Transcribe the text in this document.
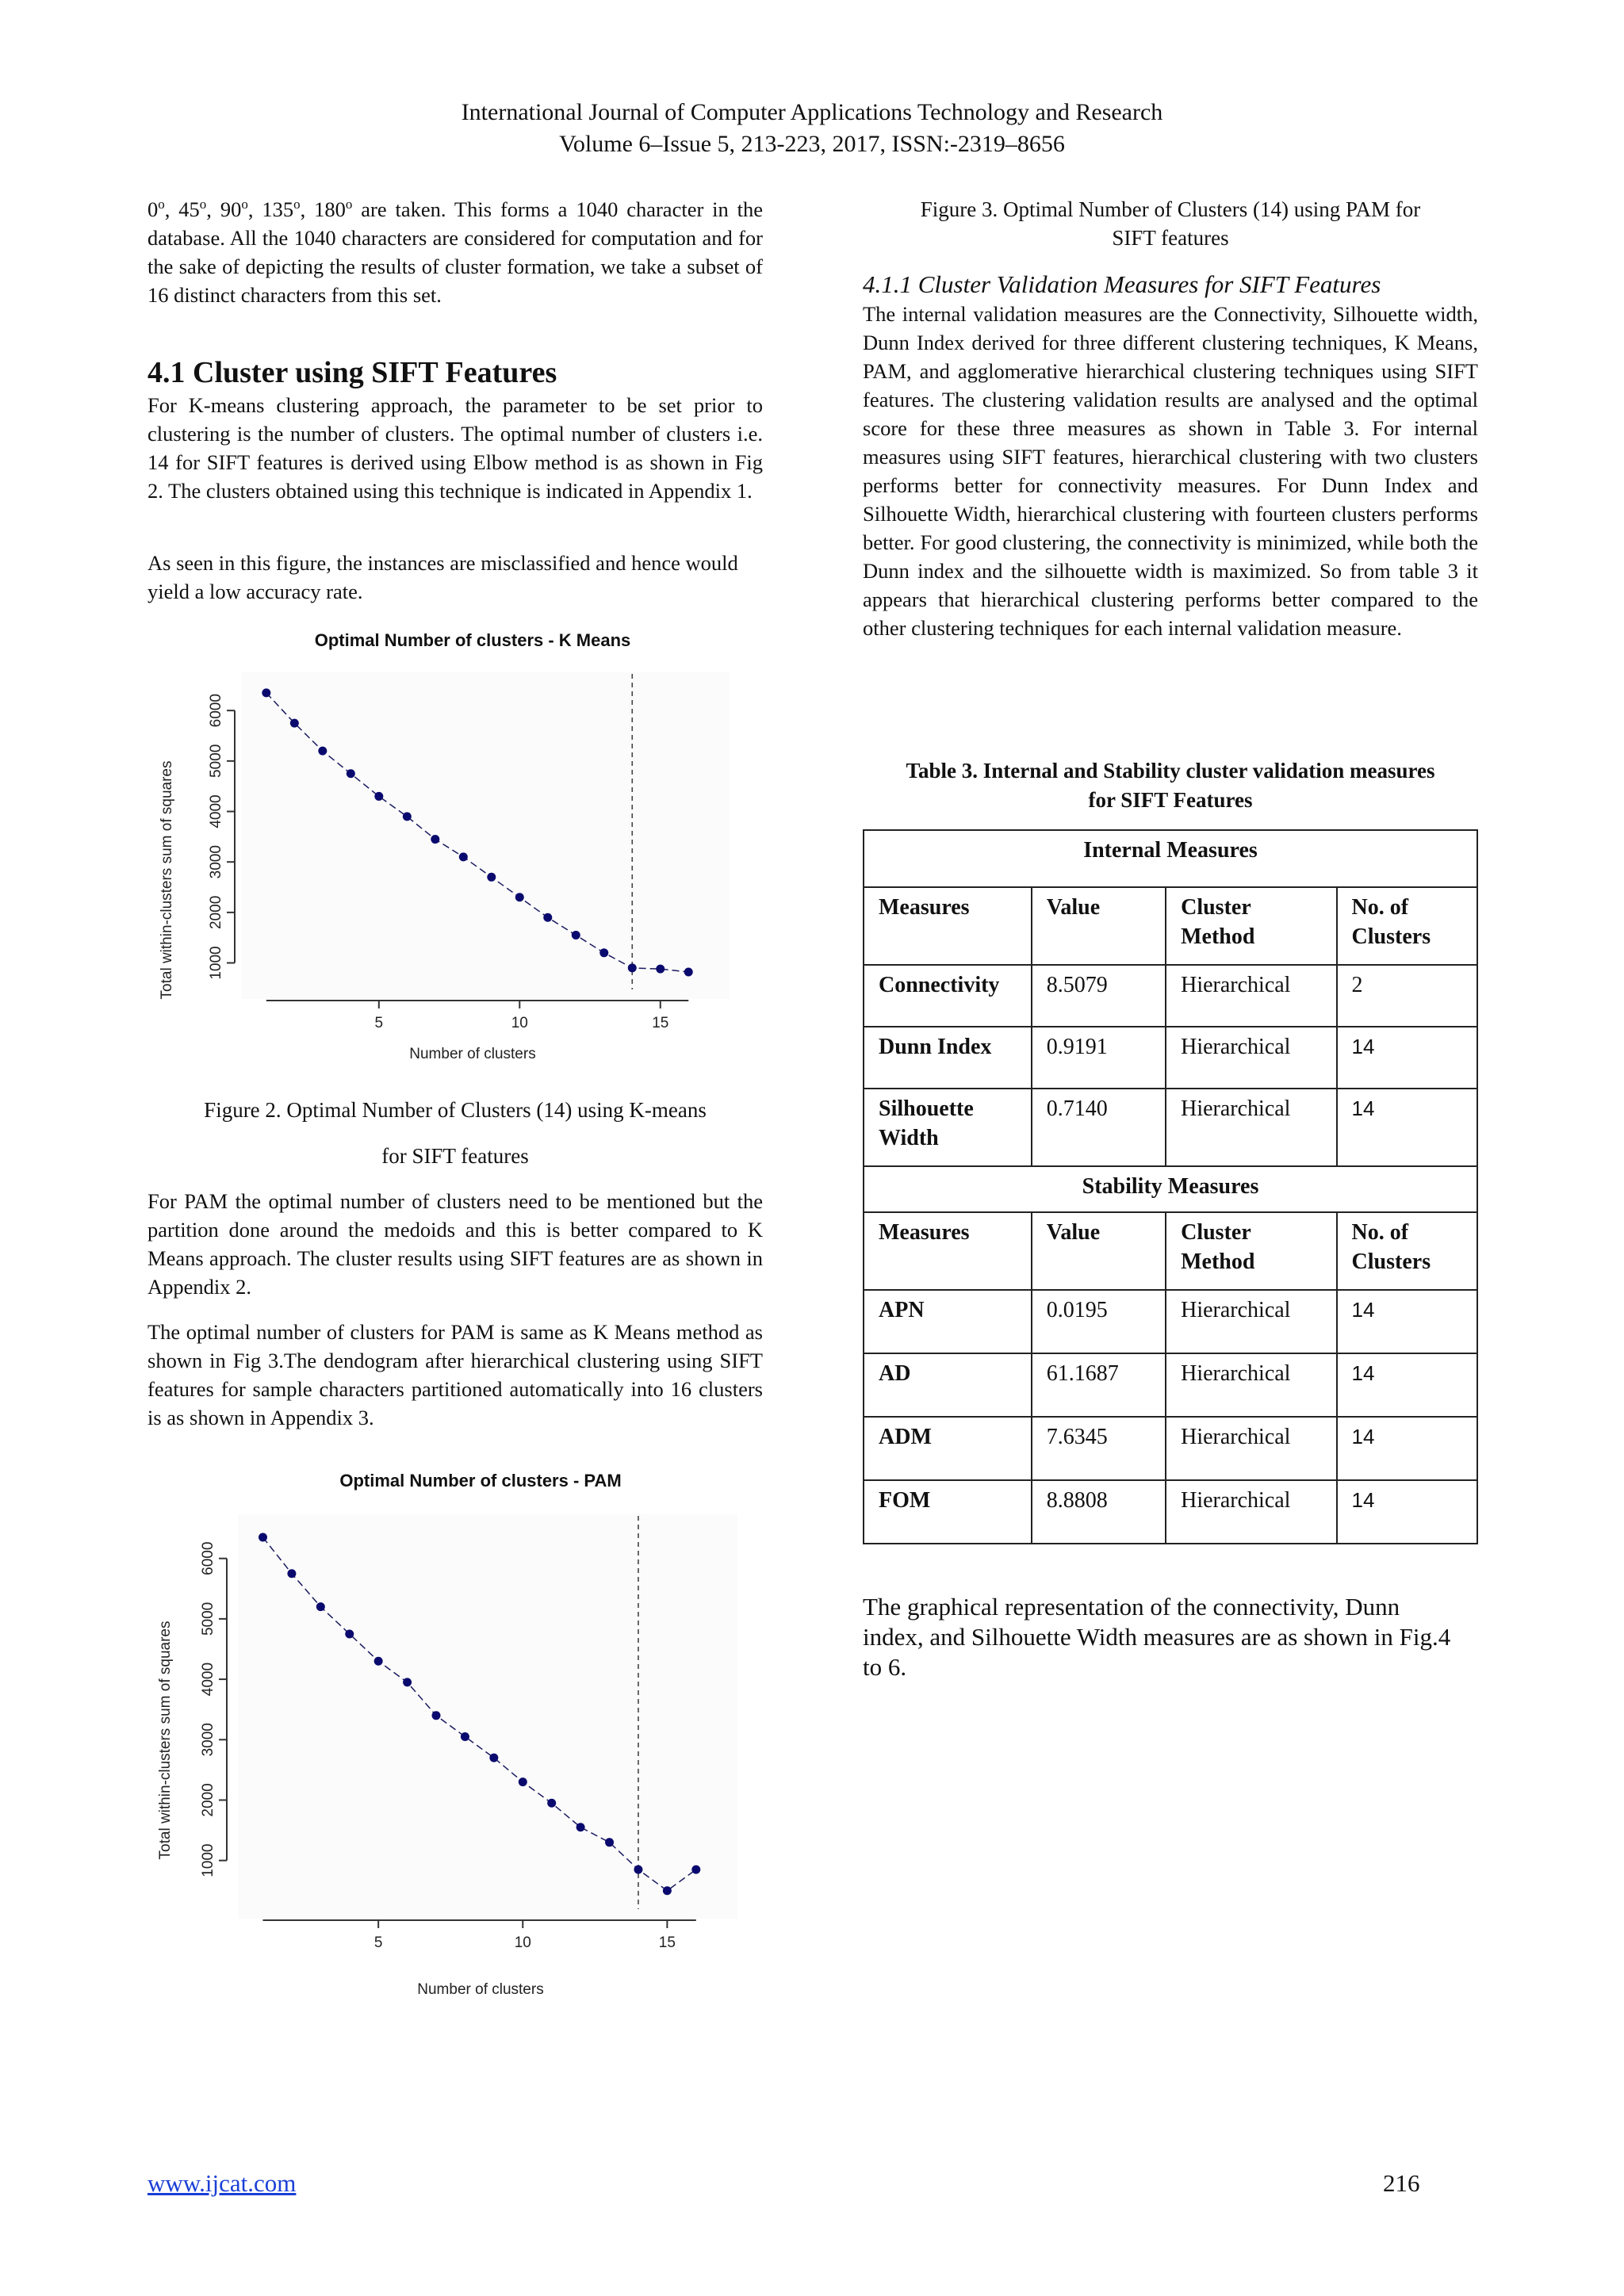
International Journal of Computer Applications Technology and Research
Volume 6–Issue 5, 213-223, 2017, ISSN:-2319–8656
0$^o$, 45$^o$, 90$^o$, 135$^o$, 180$^o$ are taken. This forms a 1040 character in the database. All the 1040 characters are considered for computation and for the sake of depicting the results of cluster formation, we take a subset of 16 distinct characters from this set.
4.1 Cluster using SIFT Features
For K-means clustering approach, the parameter to be set prior to clustering is the number of clusters. The optimal number of clusters i.e. 14 for SIFT features is derived using Elbow method is as shown in Fig 2. The clusters obtained using this technique is indicated in Appendix 1.
As seen in this figure, the instances are misclassified and hence would yield a low accuracy rate.
Optimal Number of clusters - K Means
1000
2000
3000
4000
5000
6000
5	10	15
Number of clusters
Total within-clusters sum of squares
Figure 2. Optimal Number of Clusters (14) using K-means
for SIFT features
For PAM the optimal number of clusters need to be mentioned but the partition done around the medoids and this is better compared to K Means approach. The cluster results using SIFT features are as shown in Appendix 2.
The optimal number of clusters for PAM is same as K Means method as shown in Fig 3.The dendogram after hierarchical clustering using SIFT features for sample characters partitioned automatically into 16 clusters is as shown in Appendix 3.
Optimal Number of clusters - PAM
1000
2000
3000
4000
5000
6000
5	10	15
Number of clusters
Total within-clusters sum of squares
Figure 3. Optimal Number of Clusters (14) using PAM for
SIFT features
4.1.1 Cluster Validation Measures for SIFT Features
The internal validation measures are the Connectivity, Silhouette width, Dunn Index derived for three different clustering techniques, K Means, PAM, and agglomerative hierarchical clustering techniques using SIFT features. The clustering validation results are analysed and the optimal score for these three measures as shown in Table 3. For internal measures using SIFT features, hierarchical clustering with two clusters performs better for connectivity measures. For Dunn Index and Silhouette Width, hierarchical clustering with fourteen clusters performs better. For good clustering, the connectivity is minimized, while both the Dunn index and the silhouette width is maximized. So from table 3 it appears that hierarchical clustering performs better compared to the other clustering techniques for each internal validation measure.
Table 3. Internal and Stability cluster validation measures
for SIFT Features
Internal Measures			
Measures	Value	Cluster Method	No. of Clusters
Connectivity	8.5079	Hierarchical	2
Dunn Index	0.9191	Hierarchical	14
Silhouette Width	0.7140	Hierarchical	14
Stability Measures			
Measures	Value	Cluster Method	No. of Clusters
APN	0.0195	Hierarchical	14
AD	61.1687	Hierarchical	14
ADM	7.6345	Hierarchical	14
FOM	8.8808	Hierarchical	14
The graphical representation of the connectivity, Dunn index, and Silhouette Width measures are as shown in Fig.4 to 6.
www.ijcat.com	216
